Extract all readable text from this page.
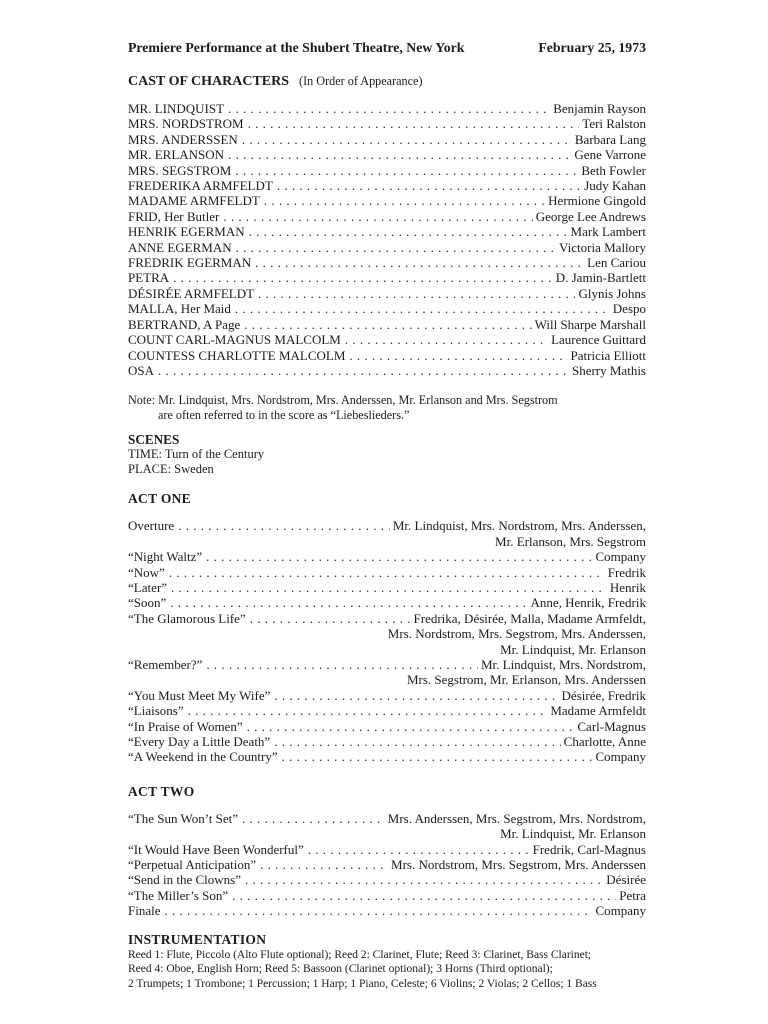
Premiere Performance at the Shubert Theatre, New York	February 25, 1973
CAST OF CHARACTERS (In Order of Appearance)
MR. LINDQUIST . . .	Benjamin Rayson
MRS. NORDSTROM . . .	Teri Ralston
MRS. ANDERSSEN . . .	Barbara Lang
MR. ERLANSON . . .	Gene Varrone
MRS. SEGSTROM . . .	Beth Fowler
FREDERIKA ARMFELDT . . .	Judy Kahan
MADAME ARMFELDT . . .	Hermione Gingold
FRID, Her Butler . . .	George Lee Andrews
HENRIK EGERMAN . . .	Mark Lambert
ANNE EGERMAN . . .	Victoria Mallory
FREDRIK EGERMAN . . .	Len Cariou
PETRA . . .	D. Jamin-Bartlett
DÉSIRÉE ARMFELDT . . .	Glynis Johns
MALLA, Her Maid . . .	Despo
BERTRAND, A Page . . .	Will Sharpe Marshall
COUNT CARL-MAGNUS MALCOLM . . .	Laurence Guittard
COUNTESS CHARLOTTE MALCOLM . . .	Patricia Elliott
OSA . . .	Sherry Mathis
Note: Mr. Lindquist, Mrs. Nordstrom, Mrs. Anderssen, Mr. Erlanson and Mrs. Segstrom
are often referred to in the score as “Liebeslieders.”
SCENES
TIME: Turn of the Century
PLACE: Sweden
ACT ONE
Overture . . .	Mr. Lindquist, Mrs. Nordstrom, Mrs. Anderssen,
Mr. Erlanson, Mrs. Segstrom
“Night Waltz” . . .	Company
“Now” . . .	Fredrik
“Later” . . .	Henrik
“Soon” . . .	Anne, Henrik, Fredrik
“The Glamorous Life” . . .	Fredrika, Désirée, Malla, Madame Armfeldt,
Mrs. Nordstrom, Mrs. Segstrom, Mrs. Anderssen,
Mr. Lindquist, Mr. Erlanson
“Remember?” . . .	Mr. Lindquist, Mrs. Nordstrom,
Mrs. Segstrom, Mr. Erlanson, Mrs. Anderssen
“You Must Meet My Wife” . . .	Désirée, Fredrik
“Liaisons” . . .	Madame Armfeldt
“In Praise of Women” . . .	Carl-Magnus
“Every Day a Little Death” . . .	Charlotte, Anne
“A Weekend in the Country” . . .	Company
ACT TWO
“The Sun Won’t Set” . . .	Mrs. Anderssen, Mrs. Segstrom, Mrs. Nordstrom,
Mr. Lindquist, Mr. Erlanson
“It Would Have Been Wonderful” . . .	Fredrik, Carl-Magnus
“Perpetual Anticipation” . . .	Mrs. Nordstrom, Mrs. Segstrom, Mrs. Anderssen
“Send in the Clowns” . . .	Désirée
“The Miller’s Son” . . .	Petra
Finale . . .	Company
INSTRUMENTATION
Reed 1: Flute, Piccolo (Alto Flute optional); Reed 2: Clarinet, Flute; Reed 3: Clarinet, Bass Clarinet;
Reed 4: Oboe, English Horn; Reed 5: Bassoon (Clarinet optional); 3 Horns (Third optional);
2 Trumpets; 1 Trombone; 1 Percussion; 1 Harp; 1 Piano, Celeste; 6 Violins; 2 Violas; 2 Cellos; 1 Bass
